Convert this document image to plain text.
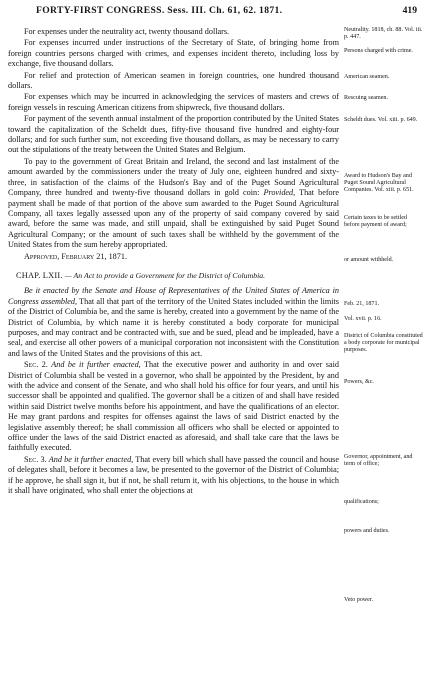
FORTY-FIRST CONGRESS. Sess. III. Ch. 61, 62. 1871.	419

For expenses under the neutrality act, twenty thousand dollars.

For expenses incurred under instructions of the Secretary of State, of bringing home from foreign countries persons charged with crimes, and expenses incident thereto, including loss by exchange, five thousand dollars.

For relief and protection of American seamen in foreign countries, one hundred thousand dollars.

For expenses which may be incurred in acknowledging the services of masters and crews of foreign vessels in rescuing American citizens from shipwreck, five thousand dollars.

For payment of the seventh annual instalment of the proportion contributed by the United States toward the capitalization of the Scheldt dues, fifty-five thousand five hundred and eighty-four dollars; and for such further sum, not exceeding five thousand dollars, as may be necessary to carry out the stipulations of the treaty between the United States and Belgium.

To pay to the government of Great Britain and Ireland, the second and last instalment of the amount awarded by the commissioners under the treaty of July one, eighteen hundred and sixty-three, in satisfaction of the claims of the Hudson's Bay and of the Puget Sound Agricultural Company, three hundred and twenty-five thousand dollars in gold coin: Provided, That before payment shall be made of that portion of the above sum awarded to the Puget Sound Agricultural Company, all taxes legally assessed upon any of the property of said company covered by said award, before the same was made, and still unpaid, shall be extinguished by said Puget Sound Agricultural Company; or the amount of such taxes shall be withheld by the government of the United States from the sum hereby appropriated.

Approved, February 21, 1871.

CHAP. LXII. — An Act to provide a Government for the District of Columbia.

Be it enacted by the Senate and House of Representatives of the United States of America in Congress assembled, That all that part of the territory of the United States included within the limits of the District of Columbia be, and the same is hereby, created into a government by the name of the District of Columbia, by which name it is hereby constituted a body corporate for municipal purposes, and may contract and be contracted with, sue and be sued, plead and be impleaded, have a seal, and exercise all other powers of a municipal corporation not inconsistent with the Constitution and laws of the United States and the provisions of this act.

Sec. 2. And be it further enacted, That the executive power and authority in and over said District of Columbia shall be vested in a governor, who shall be appointed by the President, by and with the advice and consent of the Senate, and who shall hold his office for four years, and until his successor shall be appointed and qualified. The governor shall be a citizen of and shall have resided within said District twelve months before his appointment, and have the qualifications of an elector. He may grant pardons and respites for offenses against the laws of said District enacted by the legislative assembly thereof; he shall commission all officers who shall be elected or appointed to office under the laws of the said District enacted as aforesaid, and shall take care that the laws be faithfully executed.

Sec. 3. And be it further enacted, That every bill which shall have passed the council and house of delegates shall, before it becomes a law, be presented to the governor of the District of Columbia; if he approve, he shall sign it, but if not, he shall return it, with his objections, to the house in which it shall have originated, who shall enter the objections at

Neutrality. 1818, ch. 88. Vol. iii. p. 447.
Persons charged with crime.
American seamen.
Rescuing seamen.
Scheldt dues. Vol. xiii. p. 649.
Award to Hudson's Bay and Puget Sound Agricultural Companies. Vol. xiii. p. 651.
Certain taxes to be settled before payment of award;
or amount withheld.
Feb. 21, 1871.
Vol. xvii. p. 16.
District of Columbia constituted a body corporate for municipal purposes.
Powers, &c.
Governor, appointment, and term of office;
qualifications;
powers and duties.
Veto power.
